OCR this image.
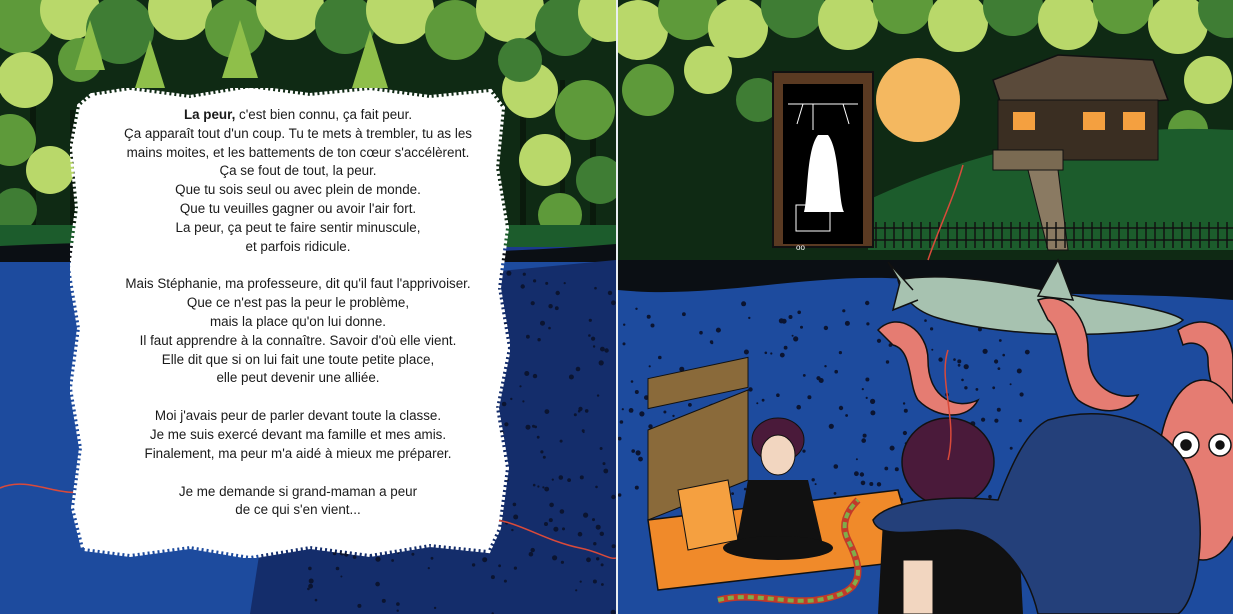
La peur, c'est bien connu, ça fait peur.
Ça apparaît tout d'un coup. Tu te mets à trembler, tu as les
mains moites, et les battements de ton cœur s'accélèrent.
Ça se fout de tout, la peur.
Que tu sois seul ou avec plein de monde.
Que tu veuilles gagner ou avoir l'air fort.
La peur, ça peut te faire sentir minuscule,
et parfois ridicule.

Mais Stéphanie, ma professeure, dit qu'il faut l'apprivoiser.
Que ce n'est pas la peur le problème,
mais la place qu'on lui donne.
Il faut apprendre à la connaître. Savoir d'où elle vient.
Elle dit que si on lui fait une toute petite place,
elle peut devenir une alliée.

Moi j'avais peur de parler devant toute la classe.
Je me suis exercé devant ma famille et mes amis.
Finalement, ma peur m'a aidé à mieux me préparer.

Je me demande si grand-maman a peur
de ce qui s'en vient...

oo
